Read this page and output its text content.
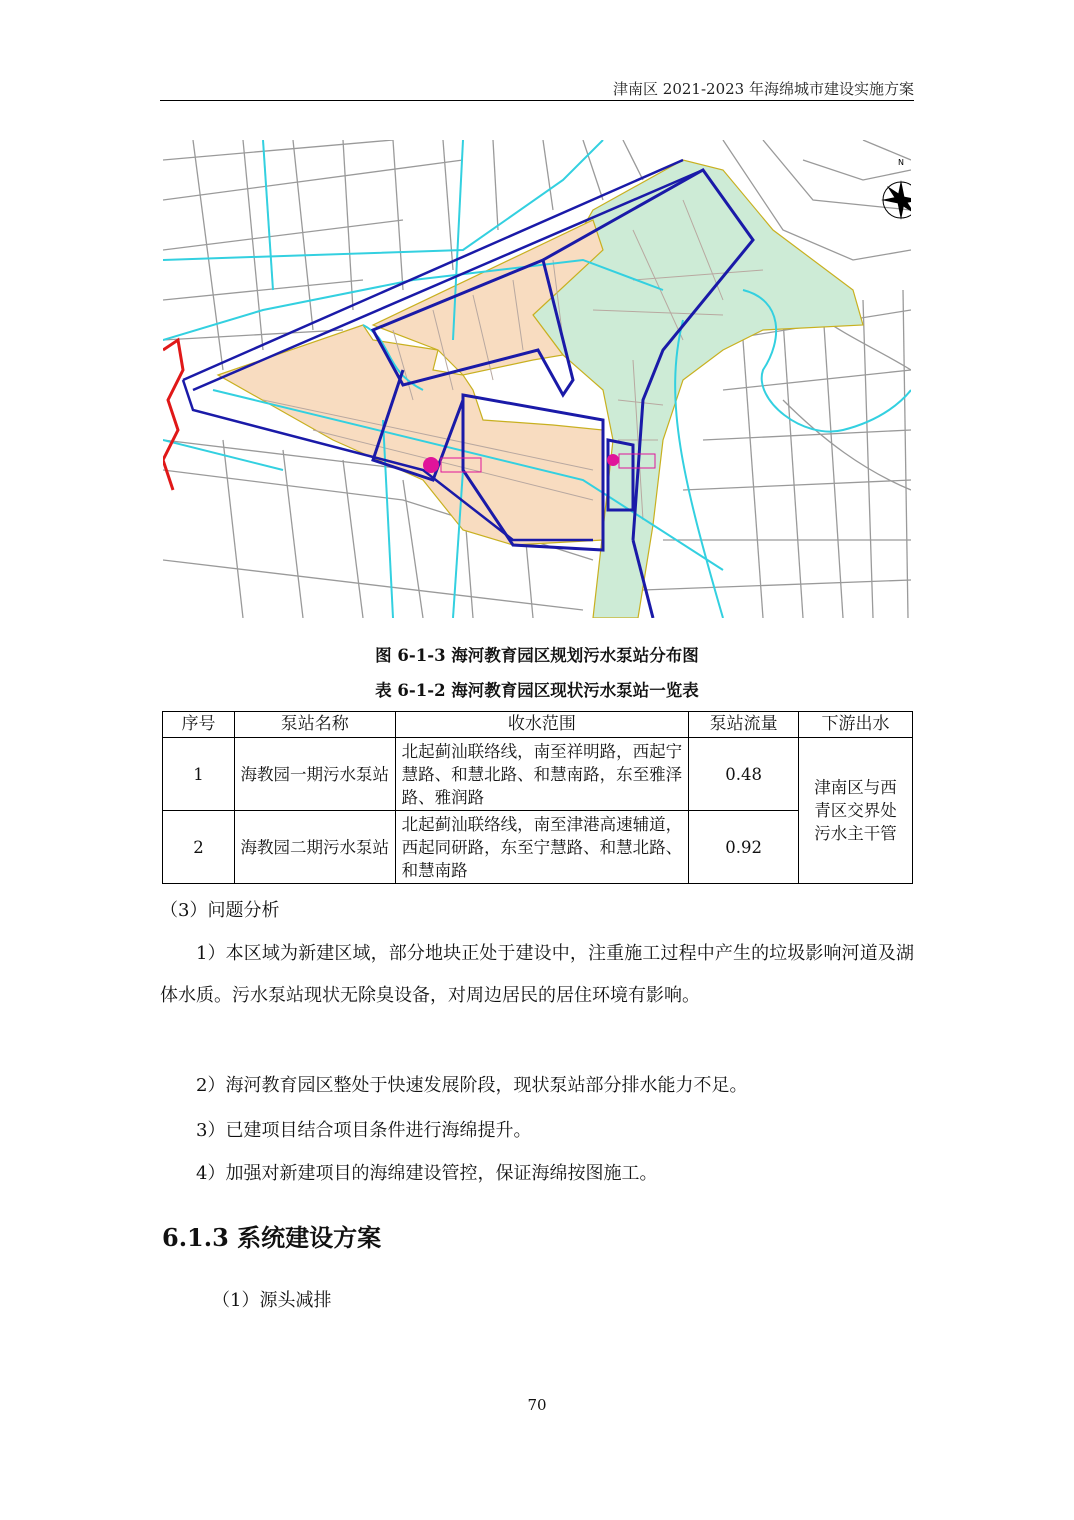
津南区 2021-2023 年海绵城市建设实施方案
N
图 6-1-3 海河教育园区规划污水泵站分布图
表 6-1-2 海河教育园区现状污水泵站一览表
序号	泵站名称	收水范围	泵站流量	下游出水
1	海教园一期污水泵站	北起蓟汕联络线，南至祥明路，西起宁慧路、和慧北路、和慧南路，东至雅泽路、雅润路	0.48	津南区与西青区交界处污水主干管
2	海教园二期污水泵站	北起蓟汕联络线，南至津港高速辅道，西起同研路，东至宁慧路、和慧北路、和慧南路	0.92	
（3）问题分析
1）本区域为新建区域，部分地块正处于建设中，注重施工过程中产生的垃圾影响河道及湖体水质。污水泵站现状无除臭设备，对周边居民的居住环境有影响。
2）海河教育园区整处于快速发展阶段，现状泵站部分排水能力不足。
3）已建项目结合项目条件进行海绵提升。
4）加强对新建项目的海绵建设管控，保证海绵按图施工。
6.1.3 系统建设方案
（1）源头减排
70
